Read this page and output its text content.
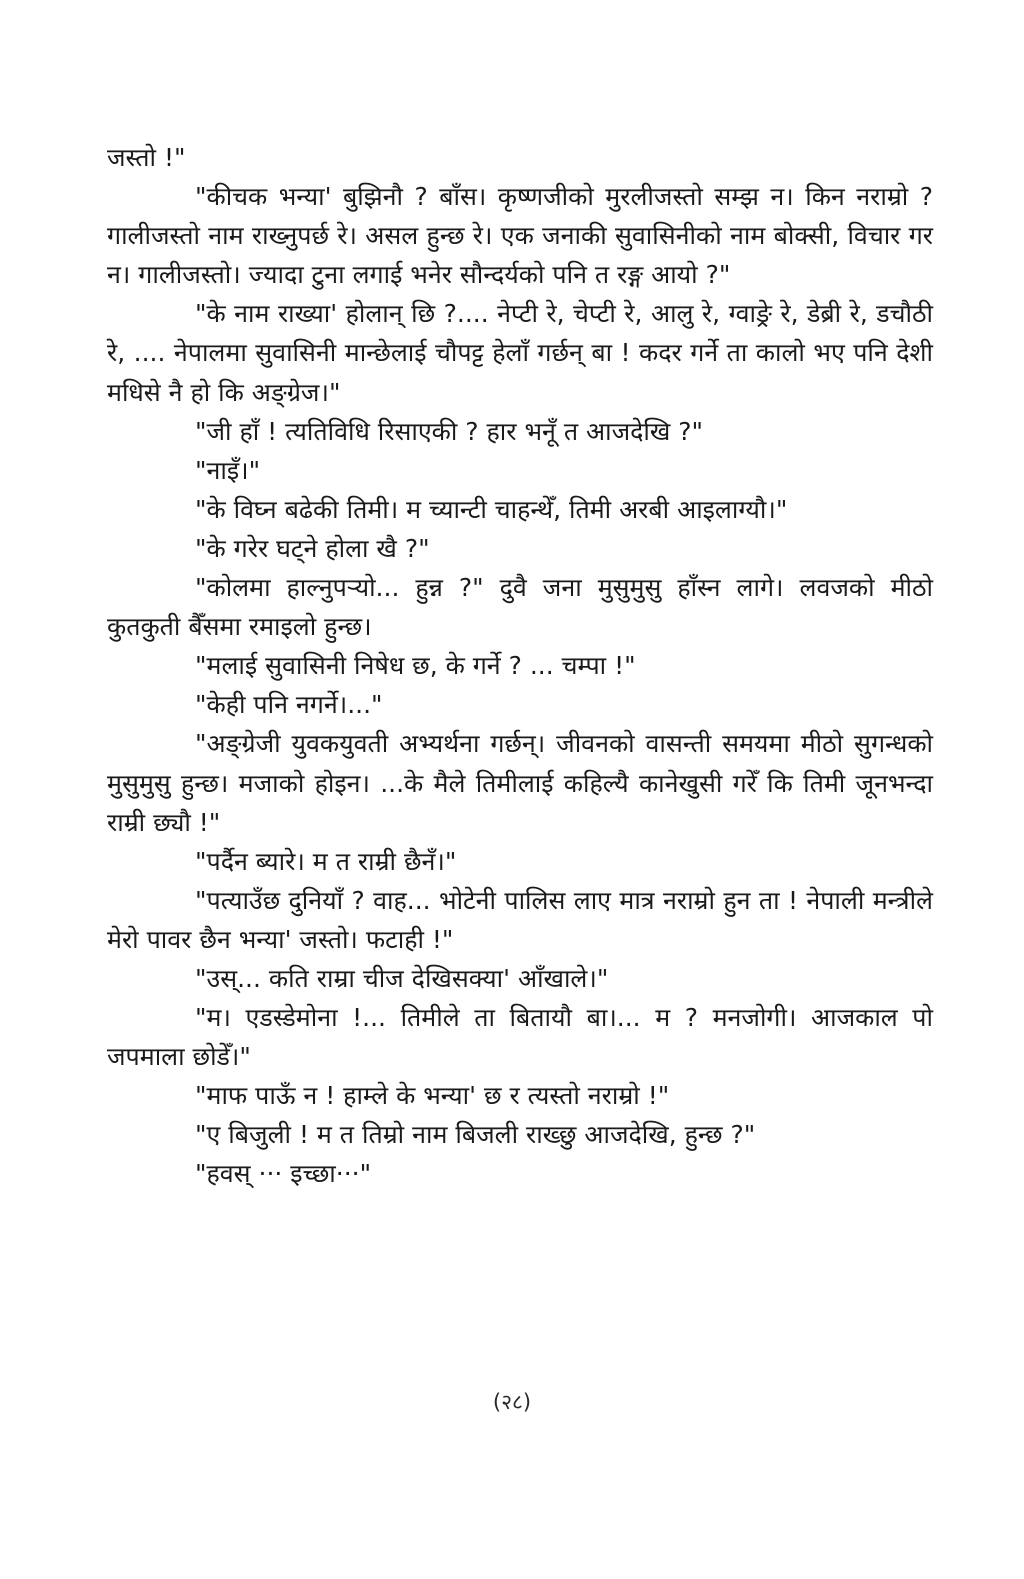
जस्तो !"

"कीचक भन्या' बुझिनौ ? बाँस। कृष्णजीको मुरलीजस्तो सम्झ न। किन नराम्रो ? गालीजस्तो नाम राख्नुपर्छ रे। असल हुन्छ रे। एक जनाकी सुवासिनीको नाम बोक्सी, विचार गर न। गालीजस्तो। ज्यादा टुना लगाई भनेर सौन्दर्यको पनि त रङ्ग आयो ?"

"के नाम राख्या' होलान् छि ?.... नेप्टी रे, चेप्टी रे, आलु रे, ग्वाङ्रे रे, डेब्री रे, डचौठी रे, .... नेपालमा सुवासिनी मान्छेलाई चौपट्ट हेलाँ गर्छन् बा ! कदर गर्ने ता कालो भए पनि देशी मधिसे नै हो कि अङ्ग्रेज।"

"जी हाँ ! त्यतिविधि रिसाएकी ? हार भनूँ त आजदेखि ?"

"नाइँ।"

"के विघ्न बढेकी तिमी। म च्यान्टी चाहन्थेँ, तिमी अरबी आइलाग्यौ।"

"के गरेर घट्ने होला खै ?"

"कोलमा हाल्नुपर्‍यो... हुन्न ?" दुवै जना मुसुमुसु हाँस्न लागे। लवजको मीठो कुतकुती बैँसमा रमाइलो हुन्छ।

"मलाई सुवासिनी निषेध छ, के गर्ने ? ... चम्पा !"

"केही पनि नगर्ने।..."

"अङ्ग्रेजी युवकयुवती अभ्यर्थना गर्छन्। जीवनको वासन्ती समयमा मीठो सुगन्धको मुसुमुसु हुन्छ। मजाको होइन। ...के मैले तिमीलाई कहिल्यै कानेखुसी गरेँ कि तिमी जूनभन्दा राम्री छ्यौ !"

"पर्दैन ब्यारे। म त राम्री छैनँ।"

"पत्याउँछ दुनियाँ ? वाह... भोटेनी पालिस लाए मात्र नराम्रो हुन ता ! नेपाली मन्त्रीले मेरो पावर छैन भन्या' जस्तो। फटाही !"

"उस्... कति राम्रा चीज देखिसक्या' आँखाले।"

"म। एडस्डेमोना !... तिमीले ता बितायौ बा।... म ? मनजोगी। आजकाल पो जपमाला छोडेँ।"

"माफ पाऊँ न ! हाम्ले के भन्या' छ र त्यस्तो नराम्रो !"

"ए बिजुली ! म त तिम्रो नाम बिजली राख्छु आजदेखि, हुन्छ ?"

"हवस् ··· इच्छा···"

(२८)
